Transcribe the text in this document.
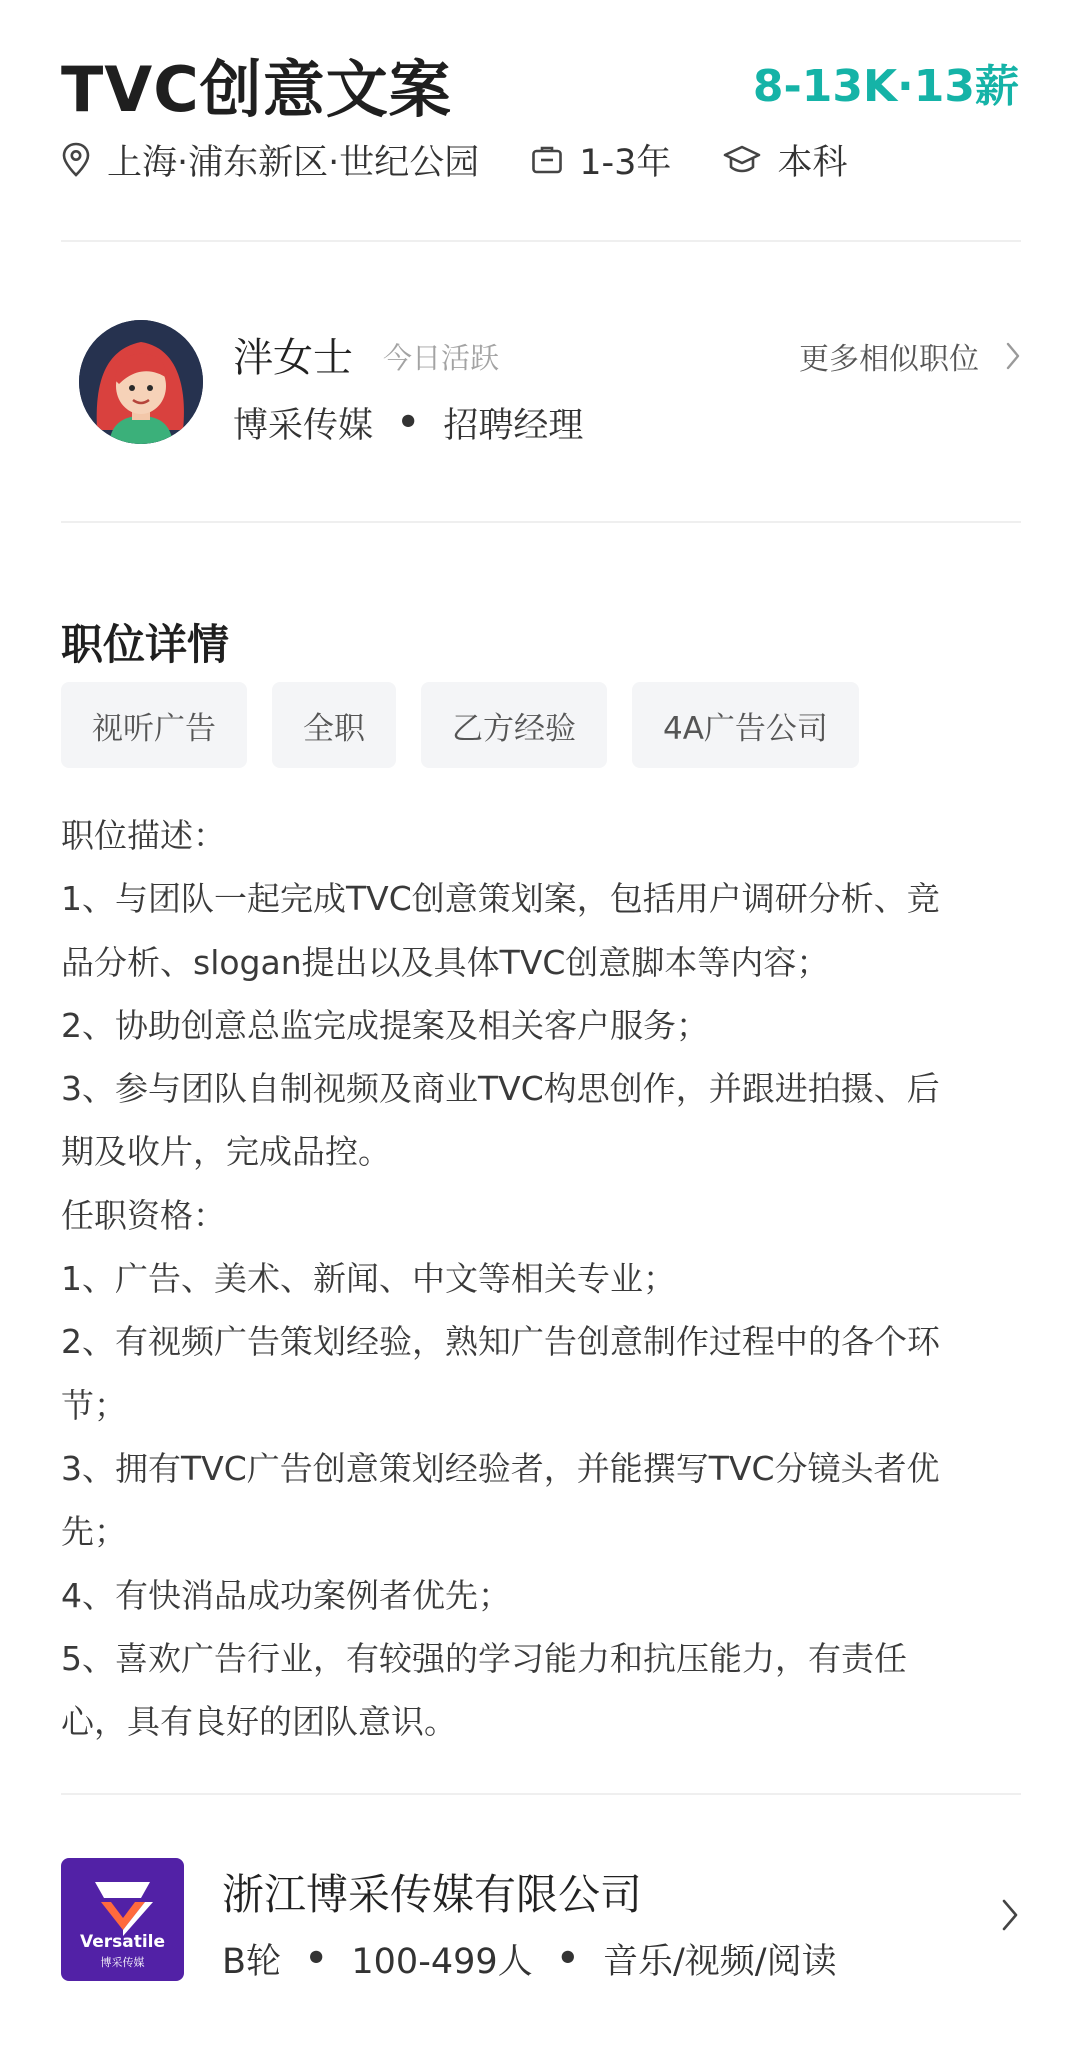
TVC创意文案	8-13K·13薪
上海·浦东新区·世纪公园	1-3年	本科
泮女士 今日活跃	更多相似职位
博采传媒 • 招聘经理
职位详情
视听广告	全职	乙方经验	4A广告公司
职位描述：
1、与团队一起完成TVC创意策划案，包括用户调研分析、竞
品分析、slogan提出以及具体TVC创意脚本等内容；
2、协助创意总监完成提案及相关客户服务；
3、参与团队自制视频及商业TVC构思创作，并跟进拍摄、后
期及收片，完成品控。
任职资格：
1、广告、美术、新闻、中文等相关专业；
2、有视频广告策划经验，熟知广告创意制作过程中的各个环
节；
3、拥有TVC广告创意策划经验者，并能撰写TVC分镜头者优
先；
4、有快消品成功案例者优先；
5、喜欢广告行业，有较强的学习能力和抗压能力，有责任
心，具有良好的团队意识。
Versatile
博采传媒
浙江博采传媒有限公司
B轮 • 100-499人 • 音乐/视频/阅读
